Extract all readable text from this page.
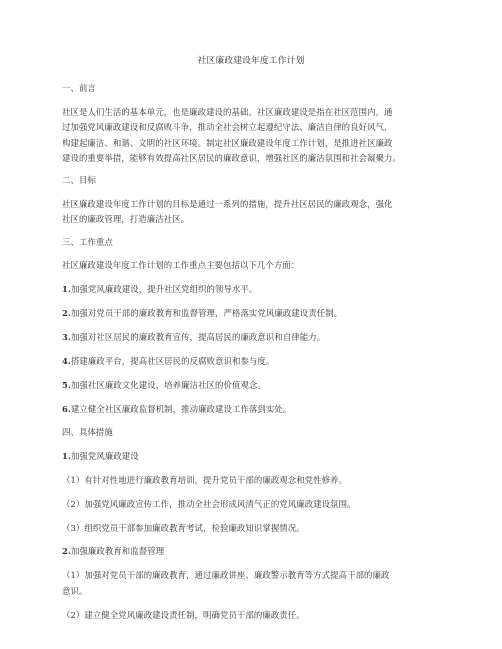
社区廉政建设年度工作计划
一、前言
社区是人们生活的基本单元，也是廉政建设的基础。社区廉政建设是指在社区范围内，通
过加强党风廉政建设和反腐败斗争，推动全社会树立起遵纪守法、廉洁自律的良好风气，
构建起廉洁、和谐、文明的社区环境。制定社区廉政建设年度工作计划，是推进社区廉政
建设的重要举措，能够有效提高社区居民的廉政意识，增强社区的廉洁氛围和社会凝聚力。
二、目标
社区廉政建设年度工作计划的目标是通过一系列的措施，提升社区居民的廉政观念，强化
社区的廉政管理，打造廉洁社区。
三、工作重点
社区廉政建设年度工作计划的工作重点主要包括以下几个方面：
1.加强党风廉政建设，提升社区党组织的领导水平。
2.加强对党员干部的廉政教育和监督管理，严格落实党风廉政建设责任制。
3.加强对社区居民的廉政教育宣传，提高居民的廉政意识和自律能力。
4.搭建廉政平台，提高社区居民的反腐败意识和参与度。
5.加强社区廉政文化建设，培养廉洁社区的价值观念。
6.建立健全社区廉政监督机制，推动廉政建设工作落到实处。
四、具体措施
1.加强党风廉政建设
（1）有针对性地进行廉政教育培训，提升党员干部的廉政观念和党性修养。
（2）加强党风廉政宣传工作，推动全社会形成风清气正的党风廉政建设氛围。
（3）组织党员干部参加廉政教育考试，检验廉政知识掌握情况。
2.加强廉政教育和监督管理
（1）加强对党员干部的廉政教育，通过廉政讲座、廉政警示教育等方式提高干部的廉政
意识。
（2）建立健全党风廉政建设责任制，明确党员干部的廉政责任。
